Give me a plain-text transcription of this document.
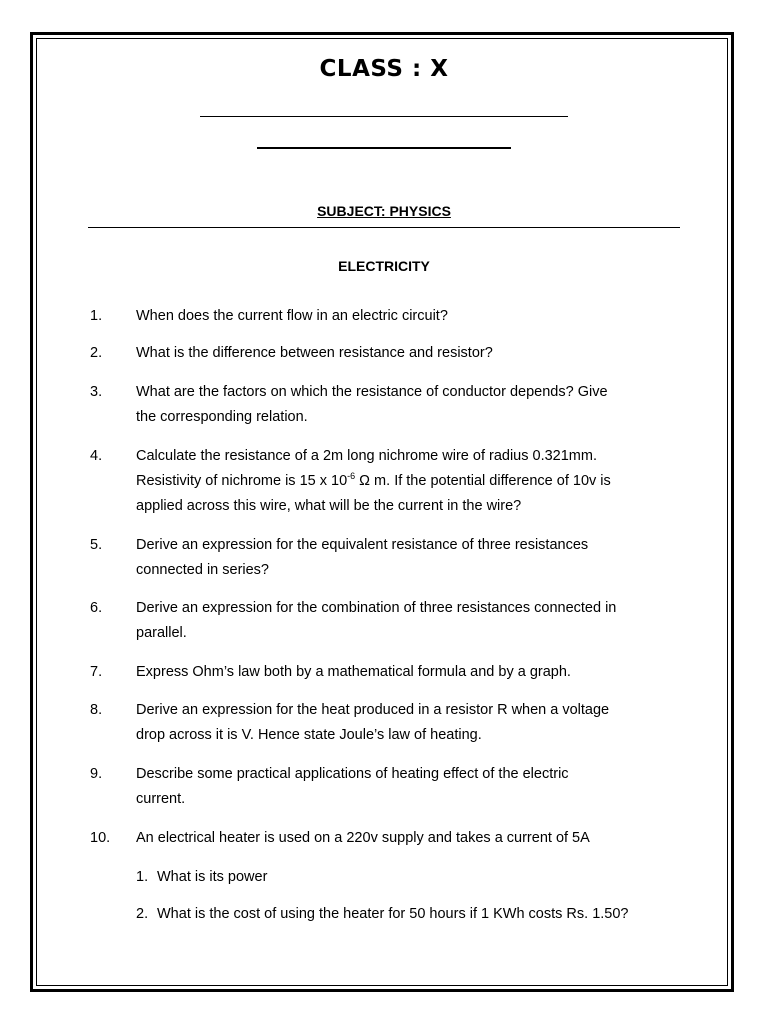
CLASS : X
SUBJECT: PHYSICS
ELECTRICITY
1. When does the current flow in an electric circuit?
2. What is the difference between resistance and resistor?
3. What are the factors on which the resistance of conductor depends? Give
the corresponding relation.
4. Calculate the resistance of a 2m long nichrome wire of radius 0.321mm.
Resistivity of nichrome is 15 x $10^{-6}$ Ω m. If the potential difference of 10v is
applied across this wire, what will be the current in the wire?
5. Derive an expression for the equivalent resistance of three resistances
connected in series?
6. Derive an expression for the combination of three resistances connected in
parallel.
7. Express Ohm’s law both by a mathematical formula and by a graph.
8. Derive an expression for the heat produced in a resistor R when a voltage
drop across it is V. Hence state Joule’s law of heating.
9. Describe some practical applications of heating effect of the electric
current.
10. An electrical heater is used on a 220v supply and takes a current of 5A
1. What is its power
2. What is the cost of using the heater for 50 hours if 1 KWh costs Rs. 1.50?
